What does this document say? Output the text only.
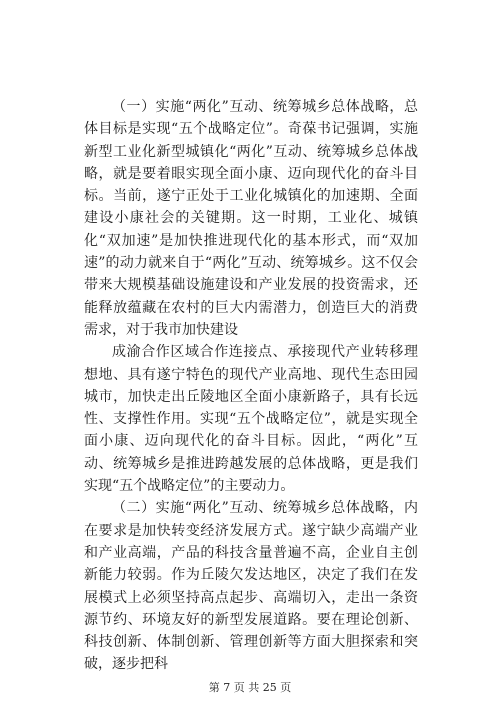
（一）实施“两化”互动、统筹城乡总体战略，总体目标是实现“五个战略定位”。奇葆书记强调，实施新型工业化新型城镇化“两化”互动、统筹城乡总体战略，就是要着眼实现全面小康、迈向现代化的奋斗目标。当前，遂宁正处于工业化城镇化的加速期、全面建设小康社会的关键期。这一时期，工业化、城镇化“双加速”是加快推进现代化的基本形式，而“双加速”的动力就来自于“两化”互动、统筹城乡。这不仅会带来大规模基础设施建设和产业发展的投资需求，还能释放蕴藏在农村的巨大内需潜力，创造巨大的消费需求，对于我市加快建设

成渝合作区域合作连接点、承接现代产业转移理想地、具有遂宁特色的现代产业高地、现代生态田园城市，加快走出丘陵地区全面小康新路子，具有长远性、支撑性作用。实现“五个战略定位”，就是实现全面小康、迈向现代化的奋斗目标。因此，“两化”互动、统筹城乡是推进跨越发展的总体战略，更是我们实现“五个战略定位”的主要动力。

（二）实施“两化”互动、统筹城乡总体战略，内在要求是加快转变经济发展方式。遂宁缺少高端产业和产业高端，产品的科技含量普遍不高，企业自主创新能力较弱。作为丘陵欠发达地区，决定了我们在发展模式上必须坚持高点起步、高端切入，走出一条资源节约、环境友好的新型发展道路。要在理论创新、科技创新、体制创新、管理创新等方面大胆探索和突破，逐步把科

第 7 页 共 25 页
